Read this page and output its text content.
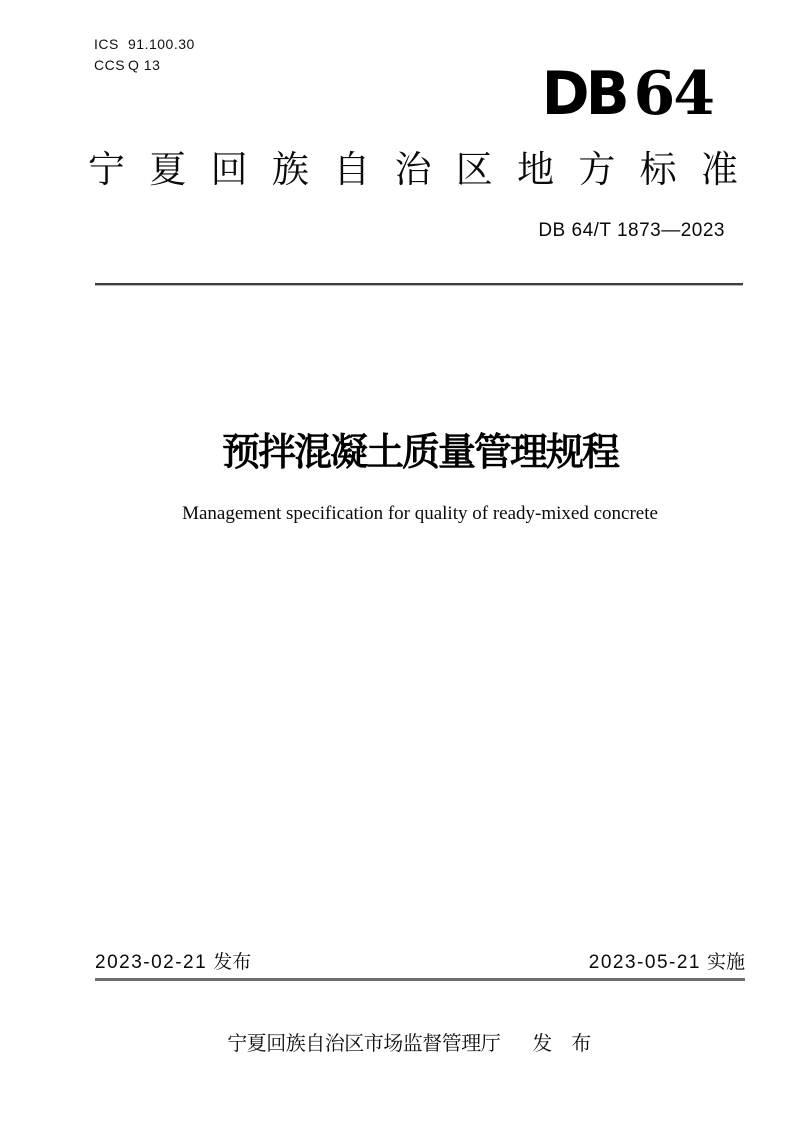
ICS 91.100.30
CCS Q 13	DB 64
宁 夏 回 族 自 治 区 地 方 标 准
DB 64/T 1873—2023
预拌混凝土质量管理规程
Management specification for quality of ready-mixed concrete
2023-02-21 发布	2023-05-21 实施
宁夏回族自治区市场监督管理厅 发　布
